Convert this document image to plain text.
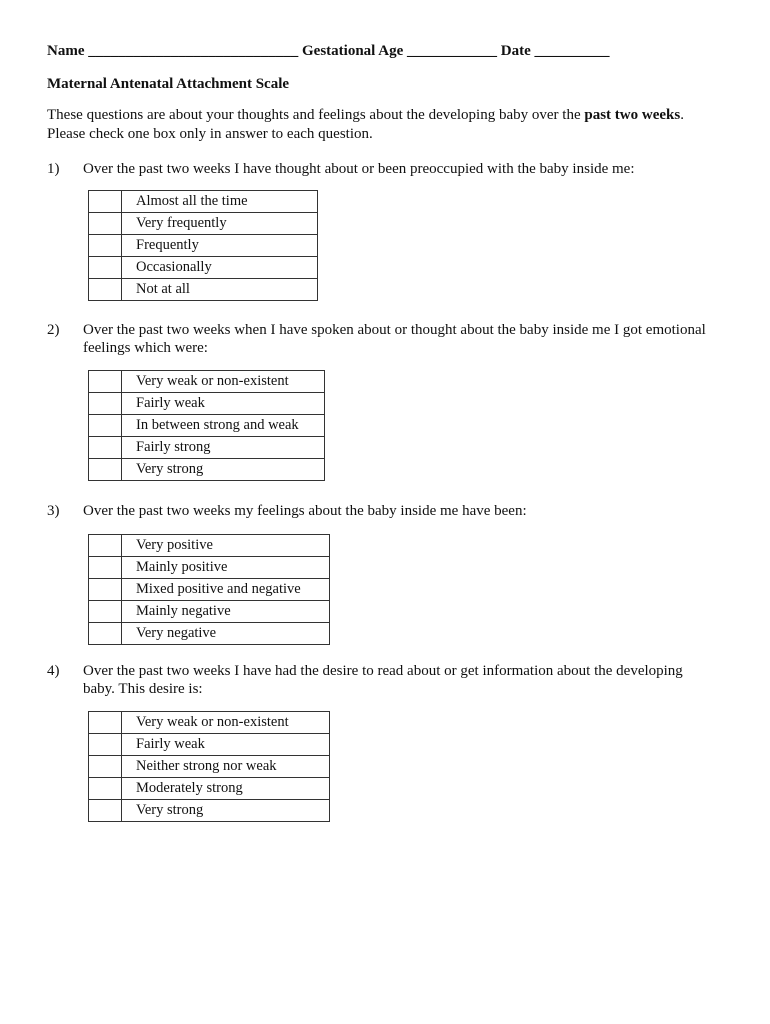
Name ____________________________ Gestational Age ____________ Date __________
Maternal Antenatal Attachment Scale
These questions are about your thoughts and feelings about the developing baby over the past two weeks.
Please check one box only in answer to each question.
1) Over the past two weeks I have thought about or been preoccupied with the baby inside me:
	Almost all the time
	Very frequently
	Frequently
	Occasionally
	Not at all
2) Over the past two weeks when I have spoken about or thought about the baby inside me I got emotional feelings which were:
	Very weak or non-existent
	Fairly weak
	In between strong and weak
	Fairly strong
	Very strong
3) Over the past two weeks my feelings about the baby inside me have been:
	Very positive
	Mainly positive
	Mixed positive and negative
	Mainly negative
	Very negative
4) Over the past two weeks I have had the desire to read about or get information about the developing baby. This desire is:
	Very weak or non-existent
	Fairly weak
	Neither strong nor weak
	Moderately strong
	Very strong
